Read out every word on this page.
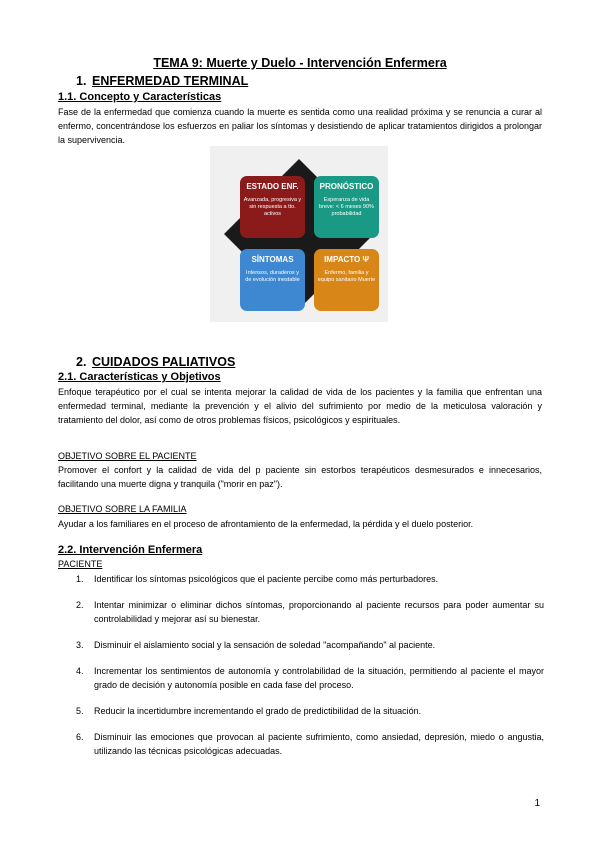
TEMA 9: Muerte y Duelo - Intervención Enfermera
1. ENFERMEDAD TERMINAL
1.1. Concepto y Características
Fase de la enfermedad que comienza cuando la muerte es sentida como una realidad próxima y se renuncia a curar al enfermo, concentrándose los esfuerzos en paliar los síntomas y desistiendo de aplicar tratamientos dirigidos a prolongar la supervivencia.
ESTADO ENF.
Avanzada, progresiva y sin respuesta a tto. activos
PRONÓSTICO
Esperanza de vida breve: < 6 meses 90% probabilidad
SÍNTOMAS
Intensos, duraderos y de evolución inestable
IMPACTO Ψ
Enfermo, familia y equipo sanitario Muerte
2. CUIDADOS PALIATIVOS
2.1. Características y Objetivos
Enfoque terapéutico por el cual se intenta mejorar la calidad de vida de los pacientes y la familia que enfrentan una enfermedad terminal, mediante la prevención y el alivio del sufrimiento por medio de la meticulosa valoración y tratamiento del dolor, así como de otros problemas físicos, psicológicos y espirituales.
OBJETIVO SOBRE EL PACIENTE
Promover el confort y la calidad de vida del p paciente sin estorbos terapéuticos desmesurados e innecesarios, facilitando una muerte digna y tranquila ("morir en paz").
OBJETIVO SOBRE LA FAMILIA
Ayudar a los familiares en el proceso de afrontamiento de la enfermedad, la pérdida y el duelo posterior.
2.2. Intervención Enfermera
PACIENTE
1. Identificar los síntomas psicológicos que el paciente percibe como más perturbadores.
2. Intentar minimizar o eliminar dichos síntomas, proporcionando al paciente recursos para poder aumentar su controlabilidad y mejorar así su bienestar.
3. Disminuir el aislamiento social y la sensación de soledad "acompañando" al paciente.
4. Incrementar los sentimientos de autonomía y controlabilidad de la situación, permitiendo al paciente el mayor grado de decisión y autonomía posible en cada fase del proceso.
5. Reducir la incertidumbre incrementando el grado de predictibilidad de la situación.
6. Disminuir las emociones que provocan al paciente sufrimiento, como ansiedad, depresión, miedo o angustia, utilizando las técnicas psicológicas adecuadas.
1
